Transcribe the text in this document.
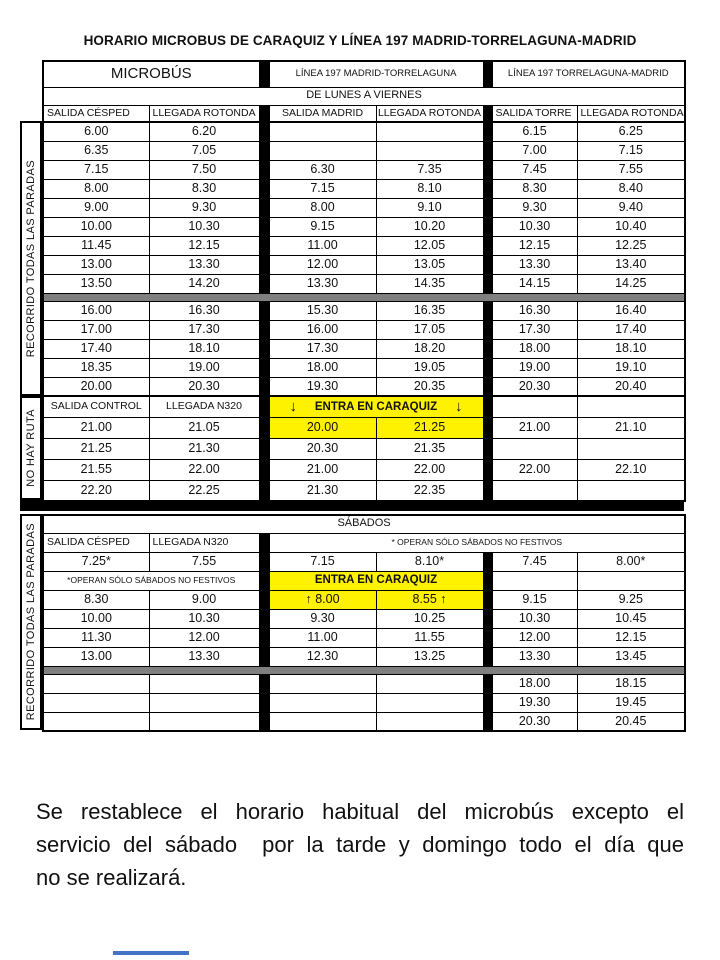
HORARIO MICROBUS DE CARAQUIZ Y LÍNEA 197 MADRID-TORRELAGUNA-MADRID
MICROBÚS			LÍNEA 197 MADRID-TORRELAGUNA			LÍNEA 197 TORRELAGUNA-MADRID	
DE LUNES A VIERNES							
SALIDA CÉSPED	LLEGADA ROTONDA		SALIDA MADRID	LLEGADA ROTONDA		SALIDA TORRE	LLEGADA ROTONDA
6.00	6.20					6.15	6.25
6.35	7.05					7.00	7.15
7.15	7.50		6.30	7.35		7.45	7.55
8.00	8.30		7.15	8.10		8.30	8.40
9.00	9.30		8.00	9.10		9.30	9.40
10.00	10.30		9.15	10.20		10.30	10.40
11.45	12.15		11.00	12.05		12.15	12.25
13.00	13.30		12.00	13.05		13.30	13.40
13.50	14.20		13.30	14.35		14.15	14.25

16.00	16.30		15.30	16.35		16.30	16.40
17.00	17.30		16.00	17.05		17.30	17.40
17.40	18.10		17.30	18.20		18.00	18.10
18.35	19.00		18.00	19.05		19.00	19.10
20.00	20.30		19.30	20.35		20.30	20.40
SALIDA CONTROL	LLEGADA N320		↓ ENTRA EN CARAQUIZ ↓				

21.00	21.05		20.00	21.25		21.00	21.10
21.25	21.30		20.30	21.35			
21.55	22.00		21.00	22.00		22.00	22.10
22.20	22.25		21.30	22.35			
SÁBADOS							
SALIDA CÉSPED	LLEGADA N320		* OPERAN SÓLO SÁBADOS NO FESTIVOS				
7.25*	7.55		7.15	8.10*		7.45	8.00*
*OPERAN SÓLO SÁBADOS NO FESTIVOS			ENTRA EN CARAQUIZ				
8.30	9.00		↑ 8.00	8.55 ↑		9.15	9.25
10.00	10.30		9.30	10.25		10.30	10.45
11.30	12.00		11.00	11.55		12.00	12.15
13.00	13.30		12.30	13.25		13.30	13.45

						18.00	18.15
						19.30	19.45
						20.30	20.45
RECORRIDO TODAS LAS PARADAS
NO HAY RUTA
RECORRIDO TODAS LAS PARADAS
Se restablece el horario habitual del microbús excepto el
servicio del sábado  por la tarde y domingo todo el día que
no se realizará.
